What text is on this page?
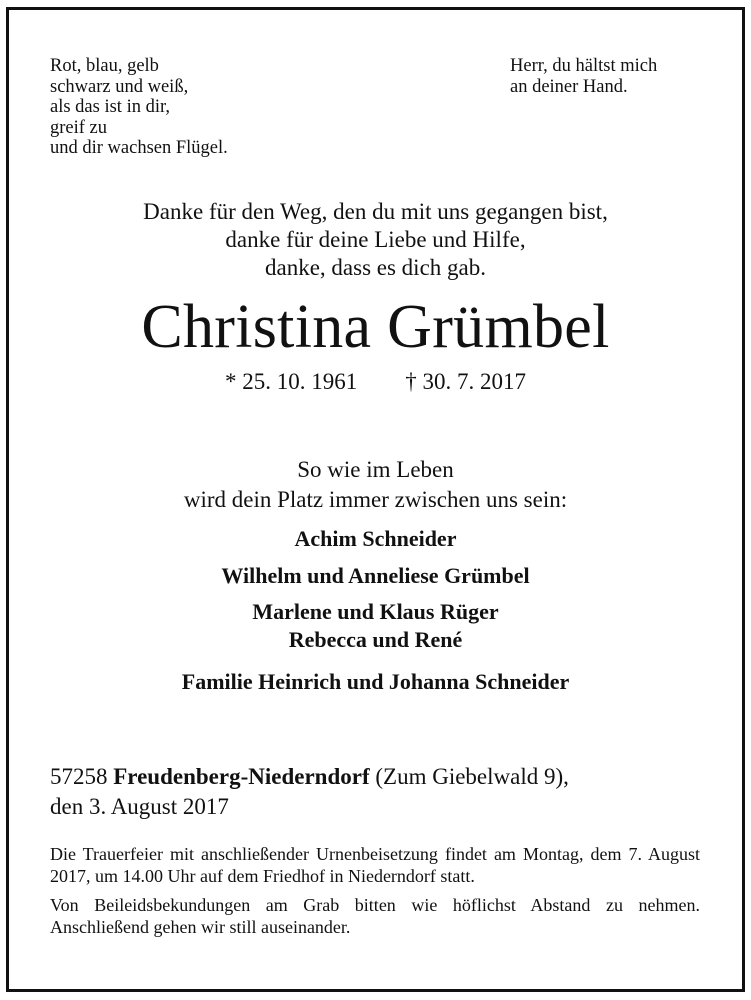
Rot, blau, gelb
schwarz und weiß,
als das ist in dir,
greif zu
und dir wachsen Flügel.
Herr, du hältst mich
an deiner Hand.
Danke für den Weg, den du mit uns gegangen bist,
danke für deine Liebe und Hilfe,
danke, dass es dich gab.
Christina Grümbel
* 25. 10. 1961 † 30. 7. 2017
So wie im Leben
wird dein Platz immer zwischen uns sein:
Achim Schneider
Wilhelm und Anneliese Grümbel
Marlene und Klaus Rüger
Rebecca und René
Familie Heinrich und Johanna Schneider
57258 Freudenberg-Niederndorf (Zum Giebelwald 9),
den 3. August 2017
Die Trauerfeier mit anschließender Urnenbeisetzung findet am Montag, dem 7. August 2017, um 14.00 Uhr auf dem Friedhof in Niederndorf statt.
Von Beileidsbekundungen am Grab bitten wie höflichst Abstand zu nehmen. Anschließend gehen wir still auseinander.
